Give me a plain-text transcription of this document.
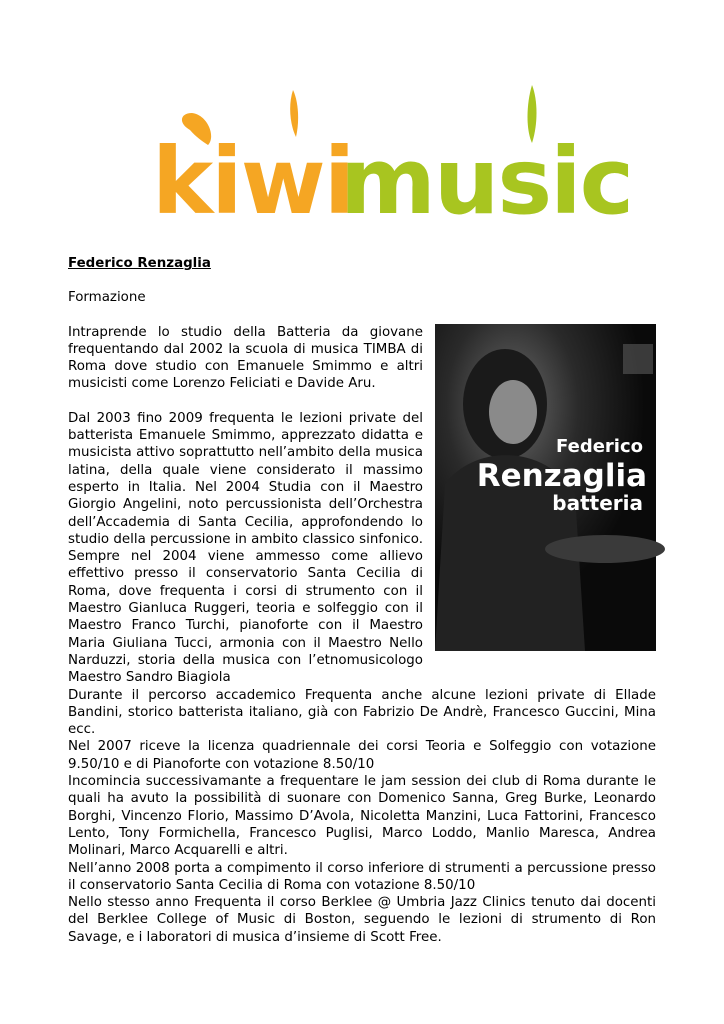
kiwi
music

Federico Renzaglia

Formazione

Federico
Renzaglia
batteria

Intraprende lo studio della Batteria da giovane frequentando dal 2002 la scuola di musica TIMBA di Roma dove studio con Emanuele Smimmo e altri musicisti come Lorenzo Feliciati e Davide Aru.

Dal 2003 fino 2009 frequenta le lezioni private del batterista Emanuele Smimmo, apprezzato didatta e musicista attivo soprattutto nell’ambito della musica latina, della quale viene considerato il massimo esperto in Italia. Nel 2004 Studia con il Maestro Giorgio Angelini, noto percussionista dell’Orchestra dell’Accademia di Santa Cecilia, approfondendo lo studio della percussione in ambito classico sinfonico. Sempre nel 2004 viene ammesso come allievo effettivo presso il conservatorio Santa Cecilia di Roma, dove frequenta i corsi di strumento con il Maestro Gianluca Ruggeri, teoria e solfeggio con il Maestro Franco Turchi, pianoforte con il Maestro Maria Giuliana Tucci, armonia con il Maestro Nello Narduzzi, storia della musica con l’etnomusicologo Maestro Sandro Biagiola

Durante il percorso accademico Frequenta anche alcune lezioni private di Ellade Bandini, storico batterista italiano, già con Fabrizio De Andrè, Francesco Guccini, Mina ecc.

Nel 2007 riceve la licenza quadriennale dei corsi Teoria e Solfeggio con votazione 9.50/10 e di Pianoforte con votazione 8.50/10

Incomincia successivamante a frequentare le jam session dei club di Roma durante le quali ha avuto la possibilità di suonare con Domenico Sanna, Greg Burke, Leonardo Borghi, Vincenzo Florio, Massimo D’Avola, Nicoletta Manzini, Luca Fattorini, Francesco Lento, Tony Formichella, Francesco Puglisi, Marco Loddo, Manlio Maresca, Andrea Molinari, Marco Acquarelli e altri.

Nell’anno 2008 porta a compimento il corso inferiore di strumenti a percussione presso il conservatorio Santa Cecilia di Roma con votazione 8.50/10

Nello stesso anno Frequenta il corso Berklee @ Umbria Jazz Clinics tenuto dai docenti del Berklee College of Music di Boston, seguendo le lezioni di strumento di Ron Savage, e i laboratori di musica d’insieme di Scott Free.
